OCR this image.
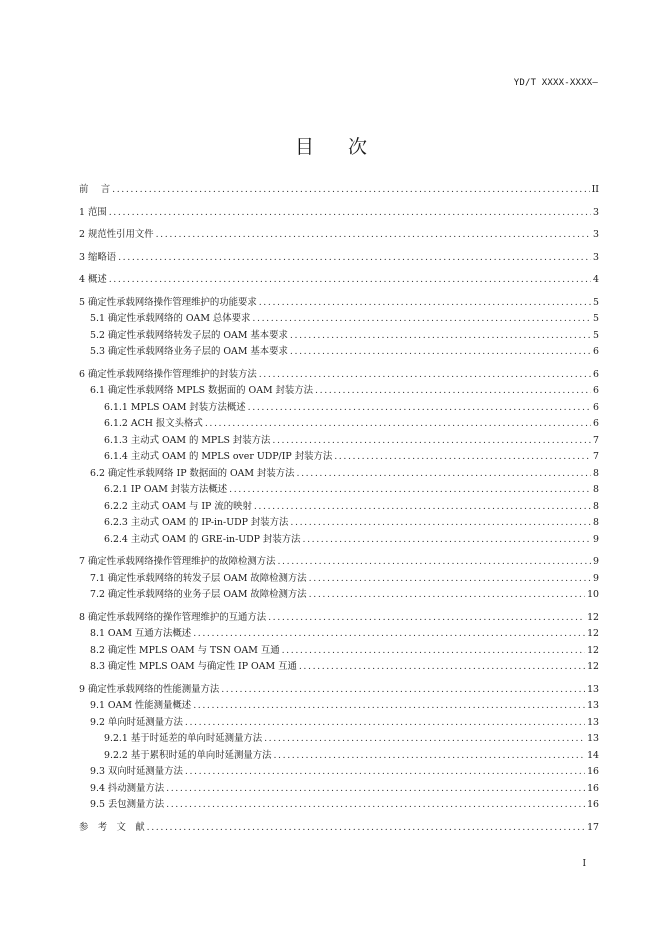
YD/T XXXX-XXXX—
目 次
前　 言 .....	II
1 范围 .....	3
2 规范性引用文件 .....	3
3 缩略语 .....	3
4 概述 .....	4
5 确定性承载网络操作管理维护的功能要求 .....	5
5.1 确定性承载网络的 OAM 总体要求 .....	5
5.2 确定性承载网络转发子层的 OAM 基本要求 .....	5
5.3 确定性承载网络业务子层的 OAM 基本要求 .....	6
6 确定性承载网络操作管理维护的封装方法 .....	6
6.1 确定性承载网络 MPLS 数据面的 OAM 封装方法 .....	6
6.1.1 MPLS OAM 封装方法概述 .....	6
6.1.2 ACH 报文头格式 .....	6
6.1.3 主动式 OAM 的 MPLS 封装方法 .....	7
6.1.4 主动式 OAM 的 MPLS over UDP/IP 封装方法 .....	7
6.2 确定性承载网络 IP 数据面的 OAM 封装方法 .....	8
6.2.1 IP OAM 封装方法概述 .....	8
6.2.2 主动式 OAM 与 IP 流的映射 .....	8
6.2.3 主动式 OAM 的 IP-in-UDP 封装方法 .....	8
6.2.4 主动式 OAM 的 GRE-in-UDP 封装方法 .....	9
7 确定性承载网络操作管理维护的故障检测方法 .....	9
7.1 确定性承载网络的转发子层 OAM 故障检测方法 .....	9
7.2 确定性承载网络的业务子层 OAM 故障检测方法 .....	10
8 确定性承载网络的操作管理维护的互通方法 .....	12
8.1 OAM 互通方法概述 .....	12
8.2 确定性 MPLS OAM 与 TSN OAM 互通 .....	12
8.3 确定性 MPLS OAM 与确定性 IP OAM 互通 .....	12
9 确定性承载网络的性能测量方法 .....	13
9.1 OAM 性能测量概述 .....	13
9.2 单向时延测量方法 .....	13
9.2.1 基于时延差的单向时延测量方法 .....	13
9.2.2 基于累积时延的单向时延测量方法 .....	14
9.3 双向时延测量方法 .....	16
9.4 抖动测量方法 .....	16
9.5 丢包测量方法 .....	16
参　考　文　献 .....	17
I
